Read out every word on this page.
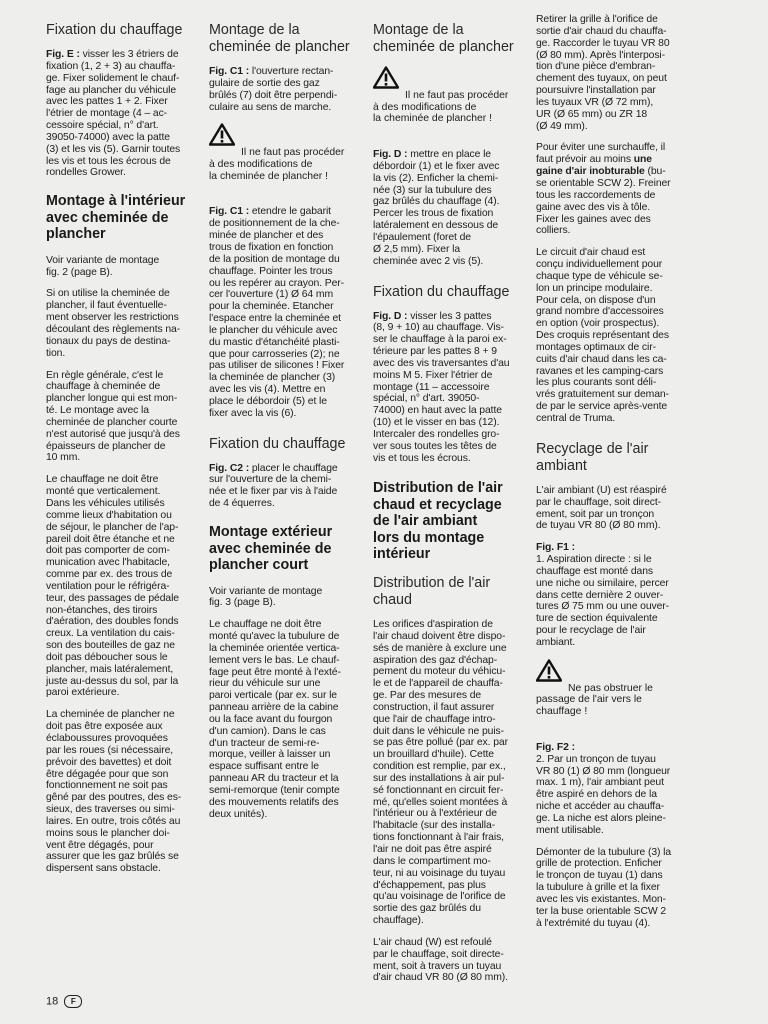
Fixation du chauffage

Fig. E : visser les 3 étriers de
fixation (1, 2 + 3) au chauffa-
ge. Fixer solidement le chauf-
fage au plancher du véhicule
avec les pattes 1 + 2. Fixer
l'étrier de montage (4 – ac-
cessoire spécial, n° d'art.
39050-74000) avec la patte
(3) et les vis (5). Garnir toutes
les vis et tous les écrous de
rondelles Grower.

Montage à l'intérieur
avec cheminée de
plancher

Voir variante de montage
fig. 2 (page B).

Si on utilise la cheminée de
plancher, il faut éventuelle-
ment observer les restrictions
découlant des règlements na-
tionaux du pays de destina-
tion.

En règle générale, c'est le
chauffage à cheminée de
plancher longue qui est mon-
té. Le montage avec la
cheminée de plancher courte
n'est autorisé que jusqu'à des
épaisseurs de plancher de
10 mm.

Le chauffage ne doit être
monté que verticalement.
Dans les véhicules utilisés
comme lieux d'habitation ou
de séjour, le plancher de l'ap-
pareil doit être étanche et ne
doit pas comporter de com-
munication avec l'habitacle,
comme par ex. des trous de
ventilation pour le réfrigéra-
teur, des passages de pédale
non-étanches, des tiroirs
d'aération, des doubles fonds
creux. La ventilation du cais-
son des bouteilles de gaz ne
doit pas déboucher sous le
plancher, mais latéralement,
juste au-dessus du sol, par la
paroi extérieure.

La cheminée de plancher ne
doit pas être exposée aux
éclaboussures provoquées
par les roues (si nécessaire,
prévoir des bavettes) et doit
être dégagée pour que son
fonctionnement ne soit pas
gêné par des poutres, des es-
sieux, des traverses ou simi-
laires. En outre, trois côtés au
moins sous le plancher doi-
vent être dégagés, pour
assurer que les gaz brûlés se
dispersent sans obstacle.

Montage de la
cheminée de plancher

Fig. C1 : l'ouverture rectan-
gulaire de sortie des gaz
brûlés (7) doit être perpendi-
culaire au sens de marche.

Il ne faut pas procéder
à des modifications de
la cheminée de plancher !

Fig. C1 : etendre le gabarit
de positionnement de la che-
minée de plancher et des
trous de fixation en fonction
de la position de montage du
chauffage. Pointer les trous
ou les repérer au crayon. Per-
cer l'ouverture (1) Ø 64 mm
pour la cheminée. Etancher
l'espace entre la cheminée et
le plancher du véhicule avec
du mastic d'étanchéité plasti-
que pour carrosseries (2); ne
pas utiliser de silicones ! Fixer
la cheminée de plancher (3)
avec les vis (4). Mettre en
place le débordoir (5) et le
fixer avec la vis (6).

Fixation du chauffage

Fig. C2 : placer le chauffage
sur l'ouverture de la chemi-
née et le fixer par vis à l'aide
de 4 équerres.

Montage extérieur
avec cheminée de
plancher court

Voir variante de montage
fig. 3 (page B).

Le chauffage ne doit être
monté qu'avec la tubulure de
la cheminée orientée vertica-
lement vers le bas. Le chauf-
fage peut être monté à l'exté-
rieur du véhicule sur une
paroi verticale (par ex. sur le
panneau arrière de la cabine
ou la face avant du fourgon
d'un camion). Dans le cas
d'un tracteur de semi-re-
morque, veiller à laisser un
espace suffisant entre le
panneau AR du tracteur et la
semi-remorque (tenir compte
des mouvements relatifs des
deux unités).

Montage de la
cheminée de plancher

Il ne faut pas procéder
à des modifications de
la cheminée de plancher !

Fig. D : mettre en place le
débordoir (1) et le fixer avec
la vis (2). Enficher la chemi-
née (3) sur la tubulure des
gaz brûlés du chauffage (4).
Percer les trous de fixation
latéralement en dessous de
l'épaulement (foret de
Ø 2,5 mm). Fixer la
cheminée avec 2 vis (5).

Fixation du chauffage

Fig. D : visser les 3 pattes
(8, 9 + 10) au chauffage. Vis-
ser le chauffage à la paroi ex-
térieure par les pattes 8 + 9
avec des vis traversantes d'au
moins M 5. Fixer l'étrier de
montage (11 – accessoire
spécial, n° d'art. 39050-
74000) en haut avec la patte
(10) et le visser en bas (12).
Intercaler des rondelles gro-
ver sous toutes les têtes de
vis et tous les écrous.

Distribution de l'air
chaud et recyclage
de l'air ambiant
lors du montage
intérieur
Distribution de l'air
chaud

Les orifices d'aspiration de
l'air chaud doivent être dispo-
sés de manière à exclure une
aspiration des gaz d'échap-
pement du moteur du véhicu-
le et de l'appareil de chauffa-
ge. Par des mesures de
construction, il faut assurer
que l'air de chauffage intro-
duit dans le véhicule ne puis-
se pas être pollué (par ex. par
un brouillard d'huile). Cette
condition est remplie, par ex.,
sur des installations à air pul-
sé fonctionnant en circuit fer-
mé, qu'elles soient montées à
l'intérieur ou à l'extérieur de
l'habitacle (sur des installa-
tions fonctionnant à l'air frais,
l'air ne doit pas être aspiré
dans le compartiment mo-
teur, ni au voisinage du tuyau
d'échappement, pas plus
qu'au voisinage de l'orifice de
sortie des gaz brûlés du
chauffage).

L'air chaud (W) est refoulé
par le chauffage, soit directe-
ment, soit à travers un tuyau
d'air chaud VR 80 (Ø 80 mm).

Retirer la grille à l'orifice de
sortie d'air chaud du chauffa-
ge. Raccorder le tuyau VR 80
(Ø 80 mm). Après l'interposi-
tion d'une pièce d'embran-
chement des tuyaux, on peut
poursuivre l'installation par
les tuyaux VR (Ø 72 mm),
UR (Ø 65 mm) ou ZR 18
(Ø 49 mm).

Pour éviter une surchauffe, il
faut prévoir au moins une
gaine d'air inobturable (bu-
se orientable SCW 2). Freiner
tous les raccordements de
gaine avec des vis à tôle.
Fixer les gaines avec des
colliers.

Le circuit d'air chaud est
conçu individuellement pour
chaque type de véhicule se-
lon un principe modulaire.
Pour cela, on dispose d'un
grand nombre d'accessoires
en option (voir prospectus).
Des croquis représentant des
montages optimaux de cir-
cuits d'air chaud dans les ca-
ravanes et les camping-cars
les plus courants sont déli-
vrés gratuitement sur deman-
de par le service après-vente
central de Truma.

Recyclage de l'air
ambiant

L'air ambiant (U) est réaspiré
par le chauffage, soit direct-
ement, soit par un tronçon
de tuyau VR 80 (Ø 80 mm).

Fig. F1 :
1. Aspiration directe : si le
chauffage est monté dans
une niche ou similaire, percer
dans cette dernière 2 ouver-
tures Ø 75 mm ou une ouver-
ture de section équivalente
pour le recyclage de l'air
ambiant.

Ne pas obstruer le
passage de l'air vers le
chauffage !

Fig. F2 :
2. Par un tronçon de tuyau
VR 80 (1) Ø 80 mm (longueur
max. 1 m), l'air ambiant peut
être aspiré en dehors de la
niche et accéder au chauffa-
ge. La niche est alors pleine-
ment utilisable.

Démonter de la tubulure (3) la
grille de protection. Enficher
le tronçon de tuyau (1) dans
la tubulure à grille et la fixer
avec les vis existantes. Mon-
ter la buse orientable SCW 2
à l'extrémité du tuyau (4).

18 F
